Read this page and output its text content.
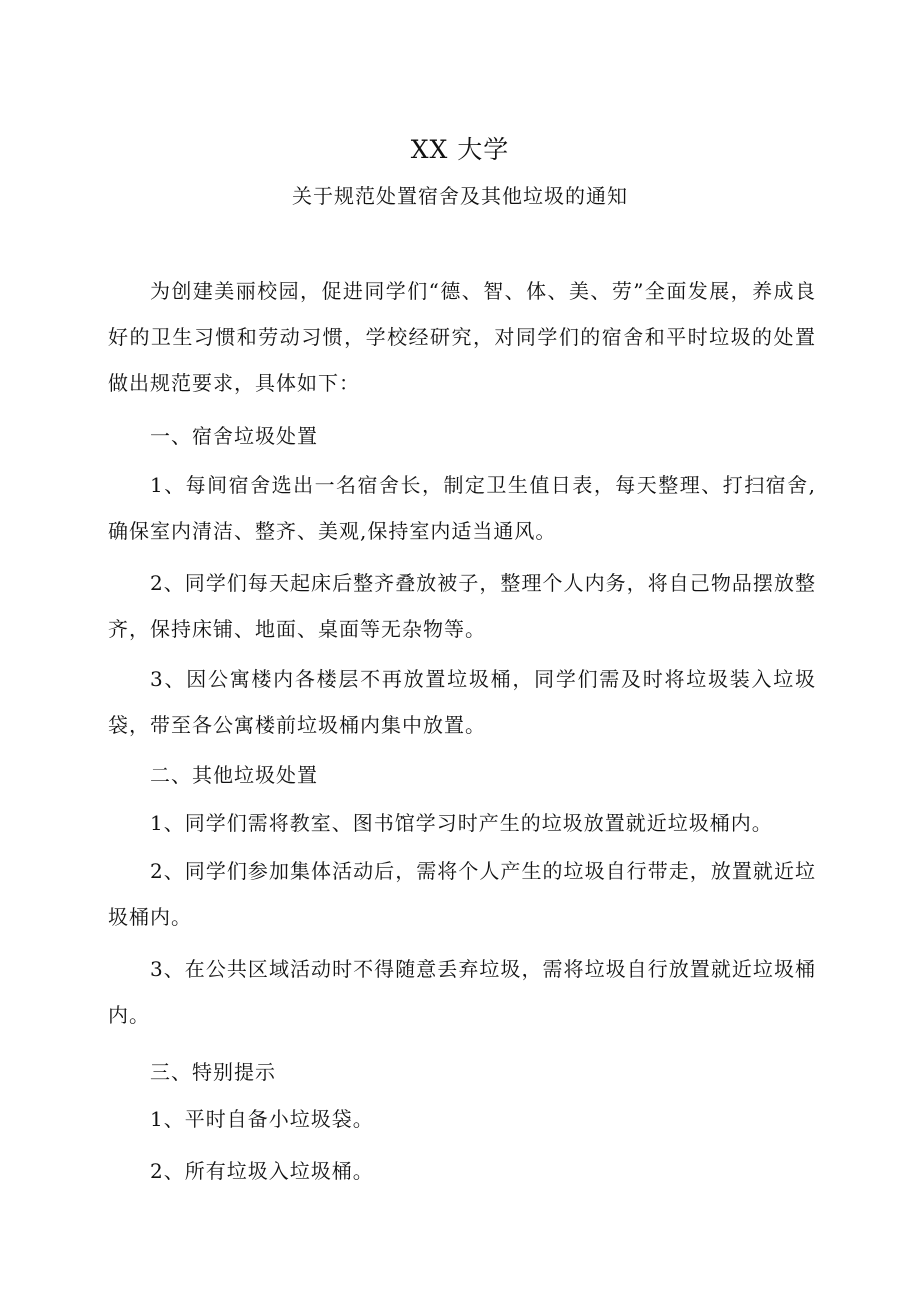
XX 大学
关于规范处置宿舍及其他垃圾的通知

为创建美丽校园，促进同学们“德、智、体、美、劳”全面发展，养成良好的卫生习惯和劳动习惯，学校经研究，对同学们的宿舍和平时垃圾的处置做出规范要求，具体如下：

一、宿舍垃圾处置

1、每间宿舍选出一名宿舍长，制定卫生值日表，每天整理、打扫宿舍,确保室内清洁、整齐、美观,保持室内适当通风。

2、同学们每天起床后整齐叠放被子，整理个人内务，将自己物品摆放整齐，保持床铺、地面、桌面等无杂物等。

3、因公寓楼内各楼层不再放置垃圾桶，同学们需及时将垃圾装入垃圾袋，带至各公寓楼前垃圾桶内集中放置。

二、其他垃圾处置

1、同学们需将教室、图书馆学习时产生的垃圾放置就近垃圾桶内。

2、同学们参加集体活动后，需将个人产生的垃圾自行带走，放置就近垃圾桶内。

3、在公共区域活动时不得随意丢弃垃圾，需将垃圾自行放置就近垃圾桶内。

三、特别提示

1、平时自备小垃圾袋。

2、所有垃圾入垃圾桶。
